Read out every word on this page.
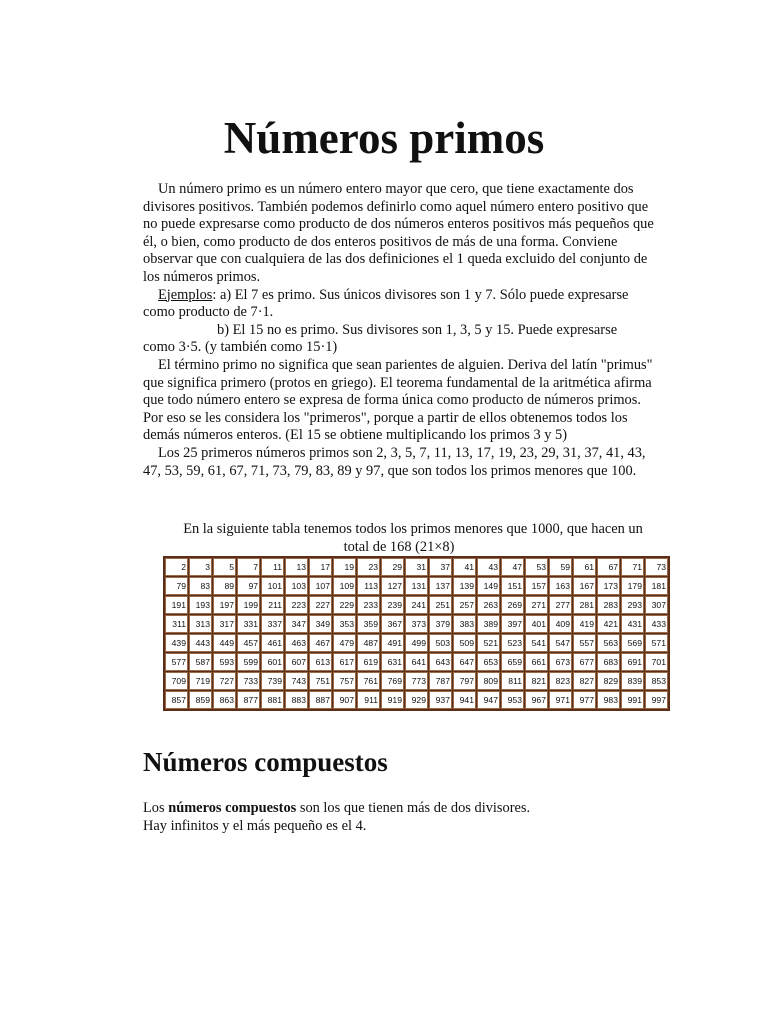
Números primos

Un número primo es un número entero mayor que cero, que tiene exactamente dos divisores positivos. También podemos definirlo como aquel número entero positivo que no puede expresarse como producto de dos números enteros positivos más pequeños que él, o bien, como producto de dos enteros positivos de más de una forma. Conviene observar que con cualquiera de las dos definiciones el 1 queda excluido del conjunto de los números primos.

Ejemplos: a) El 7 es primo. Sus únicos divisores son 1 y 7. Sólo puede expresarse como producto de 7·1.

b) El 15 no es primo. Sus divisores son 1, 3, 5 y 15. Puede expresarse

como 3·5. (y también como 15·1)

El término primo no significa que sean parientes de alguien. Deriva del latín "primus" que significa primero (protos en griego). El teorema fundamental de la aritmética afirma que todo número entero se expresa de forma única como producto de números primos. Por eso se les considera los "primeros", porque a partir de ellos obtenemos todos los demás números enteros. (El 15 se obtiene multiplicando los primos 3 y 5)

Los 25 primeros números primos son 2, 3, 5, 7, 11, 13, 17, 19, 23, 29, 31, 37, 41, 43, 47, 53, 59, 61, 67, 71, 73, 79, 83, 89 y 97, que son todos los primos menores que 100.

En la siguiente tabla tenemos todos los primos menores que 1000, que hacen un

total de 168 (21×8)

2	3	5	7	11	13	17	19	23	29	31	37	41	43	47	53	59	61	67	71	73
79	83	89	97	101	103	107	109	113	127	131	137	139	149	151	157	163	167	173	179	181
191	193	197	199	211	223	227	229	233	239	241	251	257	263	269	271	277	281	283	293	307
311	313	317	331	337	347	349	353	359	367	373	379	383	389	397	401	409	419	421	431	433
439	443	449	457	461	463	467	479	487	491	499	503	509	521	523	541	547	557	563	569	571
577	587	593	599	601	607	613	617	619	631	641	643	647	653	659	661	673	677	683	691	701
709	719	727	733	739	743	751	757	761	769	773	787	797	809	811	821	823	827	829	839	853
857	859	863	877	881	883	887	907	911	919	929	937	941	947	953	967	971	977	983	991	997
Números compuestos

Los números compuestos son los que tienen más de dos divisores.

Hay infinitos y el más pequeño es el 4.
